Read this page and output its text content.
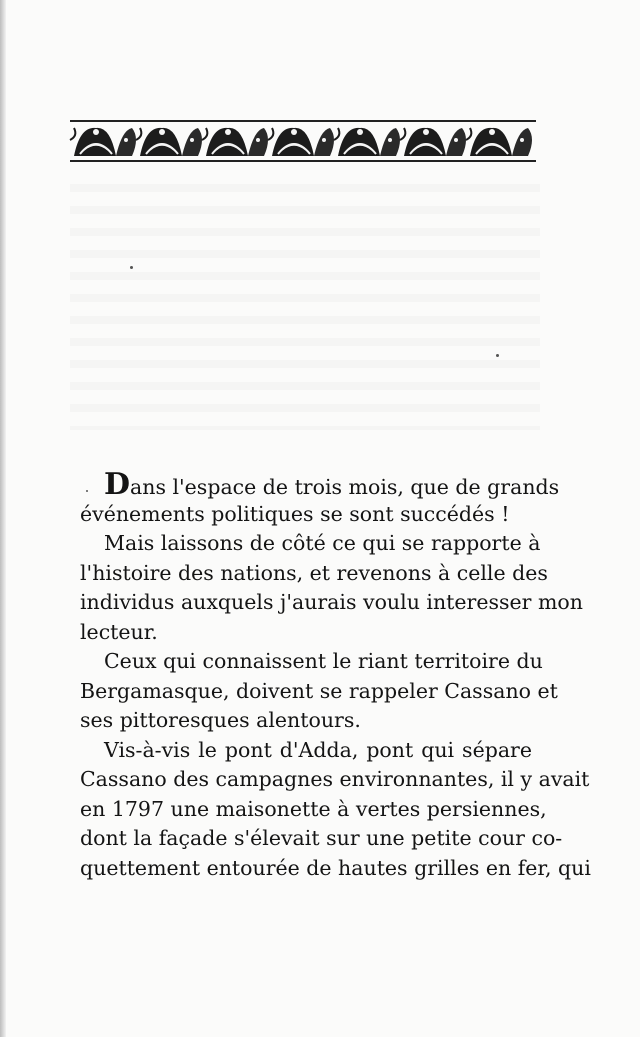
Dans l'espace de trois mois, que de grands
événements politiques se sont succédés !
Mais laissons de côté ce qui se rapporte à
l'histoire des nations, et revenons à celle des
individus auxquels j'aurais voulu interesser mon
lecteur.
Ceux qui connaissent le riant territoire du
Bergamasque, doivent se rappeler Cassano et
ses pittoresques alentours.
Vis-à-vis le pont d'Adda, pont qui sépare
Cassano des campagnes environnantes, il y avait
en 1797 une maisonette à vertes persiennes,
dont la façade s'élevait sur une petite cour co-
quettement entourée de hautes grilles en fer, qui
